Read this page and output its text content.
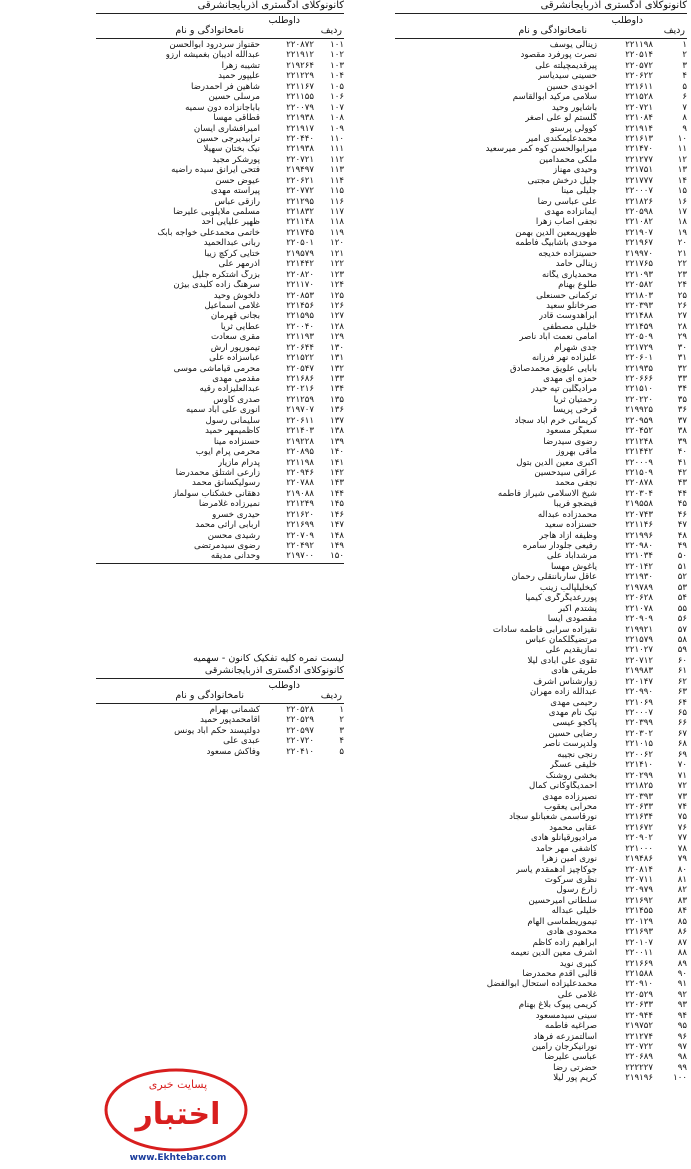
کانونوکلای ادگستری اذربایجانشرقی
داوطلب
ردیف
نامخانوادگی و نام
۱
۲۲۱۱۹۸
زینالی یوسف
۲
۲۲۰۵۱۴
نصرت پورفرد مقصود
۳
۲۲۰۵۷۲
پیرقدیمچیلته علی
۴
۲۲۰۶۲۲
حسینی سیدیاسر
۵
۲۲۱۶۱۱
اخوندی حسین
۶
۲۲۱۵۲۸
سلامی مرکید ابوالقاسم
۷
۲۲۰۷۲۱
باشایور وحید
۸
۲۲۱۰۸۴
گلستم لو علی اصغر
۹
۲۲۱۹۱۴
کوولی پرستو
۱۰
۲۲۱۶۱۳
محمدعلیمکندی امیر
۱۱
۲۲۱۴۷۰
میرابوالحسن کوه کمر میرسعید
۱۲
۲۲۱۲۷۷
ملکی محمدامین
۱۳
۲۲۱۷۵۱
وحیدی مهناز
۱۴
۲۲۱۷۷۷
جلیل درخش مجتبی
۱۵
۲۲۰۰۰۷
جلیلی مینا
۱۶
۲۲۱۸۲۶
علی عباسی رضا
۱۷
۲۲۰۵۹۸
ایمانزاده مهدی
۱۸
۲۲۱۰۸۲
نجفی اصاب زهرا
۱۹
۲۲۱۹۰۷
ظهوریمعین الدین بهمن
۲۰
۲۲۱۹۶۷
موحدی باشابیگ فاطمه
۲۱
۲۱۹۹۷۰
حسینزاده خدیجه
۲۲
۲۲۱۷۶۵
زینالی حامد
۲۳
۲۲۱۰۹۳
محمدیاری یگانه
۲۴
۲۲۰۵۸۲
طلوع بهنام
۲۵
۲۲۱۸۰۳
ترکمانی حسنعلی
۲۶
۲۲۰۳۹۳
صرخانلو سعید
۲۷
۲۲۱۴۸۸
ابراهدوست قادر
۲۸
۲۲۱۴۵۹
خلیلی مصطفی
۲۹
۲۲۰۵۰۹
امامی نعمت اباد ناصر
۳۰
۲۲۱۷۲۹
جدی شهرام
۳۱
۲۲۰۶۰۱
علیزاده نهر فرزانه
۳۲
۲۲۱۹۳۵
بابایی علویق محمدصادق
۳۳
۲۲۰۶۶۶
حمزه ای مهدی
۳۴
۲۲۱۵۱۰
مرادیگلین تپه حیدر
۳۵
۲۲۰۲۲۰
رحمتیان ثریا
۳۶
۲۱۹۹۲۵
قرخی پریسا
۳۷
۲۲۰۹۵۹
کریمانی خرم اباد سجاد
۳۸
۲۲۰۴۵۲
سعیگر مسعود
۳۹
۲۲۱۲۴۸
رضوی سیدرضا
۴۰
۲۲۱۴۴۲
ماقی بهروز
۴۱
۲۲۰۰۰۹
اکبری معین الدین بتول
۴۲
۲۲۱۵۰۹
عراقی سیدحسین
۴۳
۲۲۰۸۷۸
نجفی محمد
۴۴
۲۲۰۳۰۴
شیخ الاسلامی شیراز فاطمه
۴۵
۲۱۹۵۵۸
فیضجو فریبا
۴۶
۲۲۰۷۴۳
محمدزاده عبداله
۴۷
۲۲۱۱۴۶
حسنزاده سعید
۴۸
۲۲۱۹۹۶
وظیفه ازاد هاجر
۴۹
۲۲۰۹۸۰
رفیعی جلودار سامره
۵۰
۲۲۱۰۳۴
مرشداباد علی
۵۱
۲۲۰۱۴۲
یاغوش مهسا
۵۲
۲۲۱۹۳۰
عاقل سارباننقلی رحمان
۵۳
۲۱۹۷۸۹
کیخلیلپالب زینب
۵۴
۲۲۰۶۲۸
پوررعدیگرگری کیمیا
۵۵
۲۲۱۰۷۸
پشتدم اکبر
۵۶
۲۲۰۹۰۹
مقصودی ایسا
۵۷
۲۱۹۹۲۱
نقیزاده سرابی فاطمه سادات
۵۸
۲۲۱۵۷۹
مرتضیگلکمان عباس
۵۹
۲۲۱۰۲۷
نمازیقدیم علی
۶۰
۲۲۰۷۱۲
تقوی علی ابادی لیلا
۶۱
۲۱۹۹۸۳
طریقی هادی
۶۲
۲۲۰۱۴۷
زوارشناس اشرف
۶۳
۲۲۰۹۹۰
عبدالله زاده مهران
۶۴
۲۲۱۰۶۹
رحیمی مهدی
۶۵
۲۲۰۰۰۷
نیک نام مهدی
۶۶
۲۲۰۳۹۹
پاکجو عیسی
۶۷
۲۲۰۳۰۲
رضایی حسین
۶۸
۲۲۱۰۱۵
ولدپرست ناصر
۶۹
۲۲۰۰۶۲
رنجی نجیبه
۷۰
۲۲۱۴۱۰
خلیقی عسگر
۷۱
۲۲۰۲۹۹
بخشی روشنک
۷۲
۲۲۱۸۲۵
احمدیگاوکانی کمال
۷۳
۲۲۰۳۹۳
نصیرزاده مهدی
۷۴
۲۲۰۶۳۳
محرابی یعقوب
۷۵
۲۲۱۶۳۴
نورقاسمی شعبانلو سجاد
۷۶
۲۲۱۶۷۲
عقابی محمود
۷۷
۲۲۰۹۰۲
مرادیورقیانلو هادی
۷۸
۲۲۱۰۰۰
کاشفی مهر حامد
۷۹
۲۱۹۴۸۶
نوری امین زهرا
۸۰
۲۲۰۸۱۴
جوکاچیز ادهمقدم یاسر
۸۱
۲۲۰۷۱۱
نظری سرکوت
۸۲
۲۲۰۹۷۹
زارع رسول
۸۳
۲۲۱۶۹۲
سلطانی امیرحسین
۸۴
۲۲۱۴۵۵
خلیلی عبداله
۸۵
۲۲۰۱۲۹
تیموریطماسی الهام
۸۶
۲۲۱۶۹۳
محمودی هادی
۸۷
۲۲۰۱۰۷
ابراهیم زاده کاظم
۸۸
۲۲۰۰۱۱
اشرف معین الدین نعیمه
۸۹
۲۲۱۶۶۹
کبیری نوید
۹۰
۲۲۱۵۸۸
قالبی اقدم محمدرضا
۹۱
۲۲۰۹۱۰
محمدعلیزاده استحال ابوالفضل
۹۲
۲۲۰۵۲۹
غلامی علی
۹۳
۲۲۰۶۳۳
کریمی پیوک بلاغ بهنام
۹۴
۲۲۰۹۴۴
سینی سیدمسعود
۹۵
۲۱۹۷۵۲
صراغیه فاطمه
۹۶
۲۲۱۲۷۴
اسالتمزرعه فرهاد
۹۷
۲۲۰۷۲۲
نورانیکرجان رامین
۹۸
۲۲۰۶۸۹
عباسی علیرضا
۹۹
۲۲۲۲۲۷
حضرتی رضا
۱۰۰
۲۱۹۱۹۶
کریم پور لیلا
کانونوکلای ادگستری اذربایجانشرقی
داوطلب
ردیف
نامخانوادگی و نام
۱۰۱
۲۲۰۸۷۲
حقنواز سردرود ابوالحسن
۱۰۲
۲۲۱۹۱۲
عبدالله آدیبان بغمیشه ارزو
۱۰۳
۲۱۹۲۶۴
تشیبه زهرا
۱۰۴
۲۲۱۲۲۹
علیپور حمید
۱۰۵
۲۲۱۱۶۷
شاهین فر احمدرضا
۱۰۶
۲۲۱۱۵۵
مرسلی حسین
۱۰۷
۲۲۰۰۷۹
باباجانزاده دون سمیه
۱۰۸
۲۲۱۹۳۸
قطاقی مهسا
۱۰۹
۲۲۱۹۱۷
امیرافشاری ایسان
۱۱۰
۲۲۰۴۴۰
ترابیدیرجی حسین
۱۱۱
۲۲۱۹۳۸
نیک بختان سهیلا
۱۱۲
۲۲۰۷۲۱
پورشکر مجید
۱۱۳
۲۱۹۴۹۷
فتحی ایرانق سیده راضیه
۱۱۴
۲۲۰۶۲۱
عیوض حسن
۱۱۵
۲۲۰۷۷۲
پیراسته مهدی
۱۱۶
۲۲۱۲۹۵
رازقی عباس
۱۱۷
۲۲۱۸۳۲
مسلمی ملایلوبی علیرضا
۱۱۸
۲۲۱۱۴۸
ظهیر علیایی احد
۱۱۹
۲۲۱۷۴۵
خاتمی محمدعلی خواجه بابک
۱۲۰
۲۲۰۵۰۱
ربانی عبدالحمید
۱۲۱
۲۱۹۵۷۹
ختایی کرکچ زیبا
۱۲۲
۲۲۱۴۴۲
اذرمهر علی
۱۲۳
۲۲۰۸۲۰
بزرگ اشتکره جلیل
۱۲۴
۲۲۱۱۷۰
سرهنگ زاده کلیدی بیژن
۱۲۵
۲۲۰۸۵۳
دلخوش وحید
۱۲۶
۲۲۱۴۵۶
غلامی اسماعیل
۱۲۷
۲۲۱۵۹۵
بجانی قهرمان
۱۲۸
۲۲۰۰۴۰
عطایی ثریا
۱۲۹
۲۲۱۱۹۳
مقری سعادت
۱۳۰
۲۲۰۶۴۴
تیمورپور ارش
۱۳۱
۲۲۱۵۲۲
عباسزاده علی
۱۳۲
۲۲۰۵۴۷
محرمی قیاماشی موسی
۱۳۳
۲۲۱۶۸۶
مقدمی مهدی
۱۳۴
۲۲۰۲۱۶
عبدالعلیزاده رقیه
۱۳۵
۲۲۱۲۵۹
صدری کاوس
۱۳۶
۲۱۹۷۰۷
انوری علی اباد سمیه
۱۳۷
۲۲۰۶۱۱
سلیمانی رسول
۱۳۸
۲۲۱۴۰۳
کاظمیمهر حمید
۱۳۹
۲۱۹۲۲۸
حسنزاده مینا
۱۴۰
۲۲۰۸۹۵
محرمی پرام ایوب
۱۴۱
۲۲۱۱۹۸
پدرام مازیار
۱۴۲
۲۲۰۹۴۶
زارعی اشتلق محمدرضا
۱۴۳
۲۲۰۷۸۸
رسولیکسانق محمد
۱۴۴
۲۱۹۰۸۸
دهقانی خشکناب سولماز
۱۴۵
۲۲۱۲۴۹
نمیرزاده غلامرضا
۱۴۶
۲۲۱۶۲۰
حیدری خسرو
۱۴۷
۲۲۱۶۹۹
اربابی اراثی محمد
۱۴۸
۲۲۰۷۰۹
رشیدی محسن
۱۴۹
۲۲۰۴۹۲
رضوی سیدمرتضی
۱۵۰
۲۱۹۷۰۰
وحدانی مدیقه
لیست نمره کلیه تفکیک کانون - سهمیه
کانونوکلای ادگستری اذربایجانشرقی
داوطلب
ردیف
نامخانوادگی و نام
۱
۲۲۰۵۲۸
کشمانی بهرام
۲
۲۲۰۵۲۹
اقامحمدپور حمید
۳
۲۲۰۵۹۷
دولتپسند حکم اباد یونس
۴
۲۲۰۷۲۰
عبدی علی
۵
۲۲۰۴۱۰
وفاکش مسعود
پسایت خبری
اختبار
www.Ekhtebar.com
